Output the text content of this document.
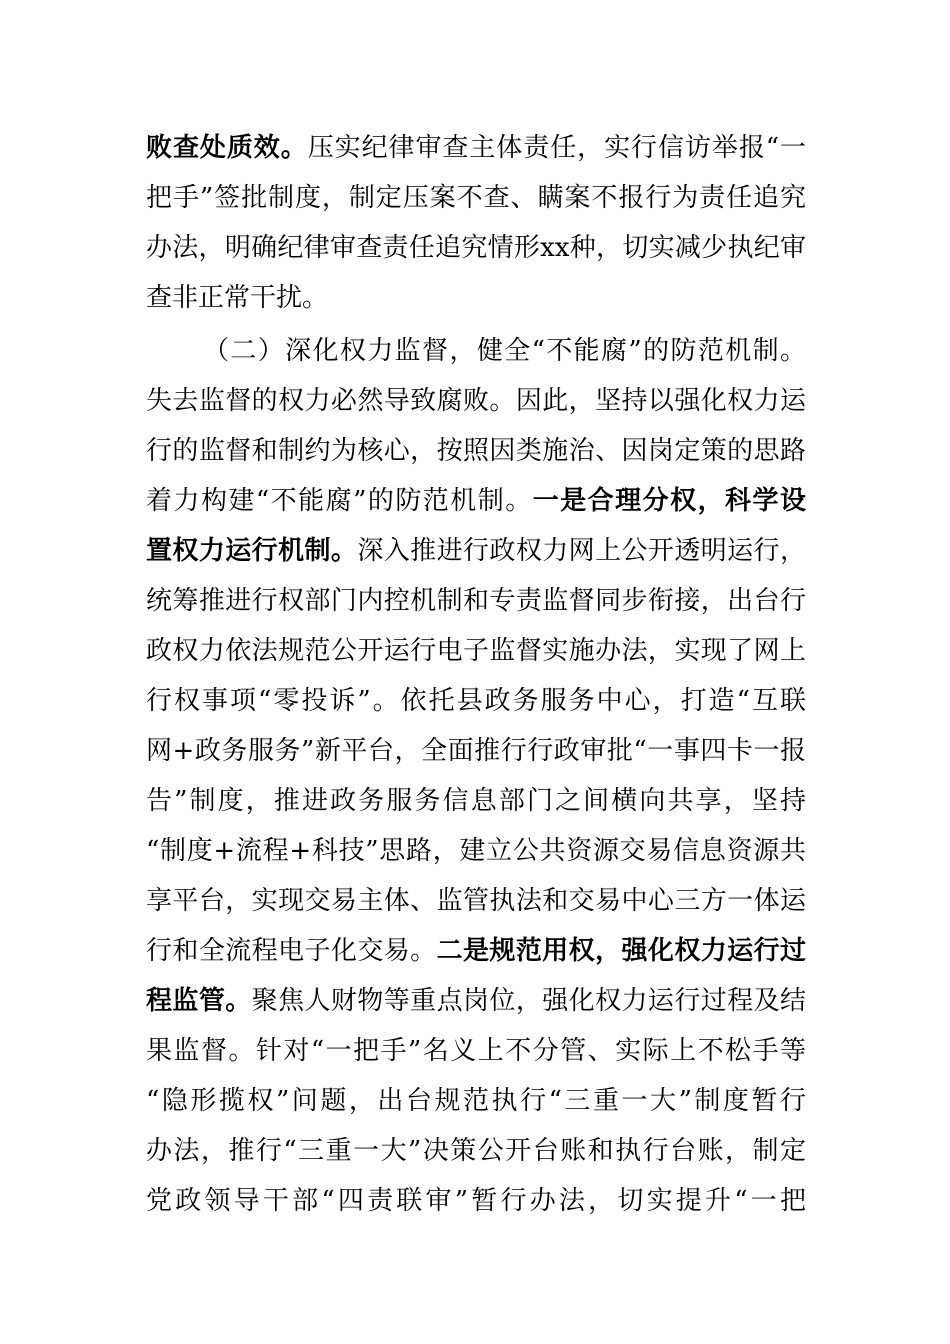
败查处质效。压实纪律审查主体责任，实行信访举报“一
把手”签批制度，制定压案不查、瞒案不报行为责任追究
办法，明确纪律审查责任追究情形xx种，切实减少执纪审
查非正常干扰。
（二）深化权力监督，健全“不能腐”的防范机制。
失去监督的权力必然导致腐败。因此，坚持以强化权力运
行的监督和制约为核心，按照因类施治、因岗定策的思路
着力构建“不能腐”的防范机制。一是合理分权，科学设
置权力运行机制。深入推进行政权力网上公开透明运行，
统筹推进行权部门内控机制和专责监督同步衔接，出台行
政权力依法规范公开运行电子监督实施办法，实现了网上
行权事项“零投诉”。依托县政务服务中心，打造“互联
网+政务服务”新平台，全面推行行政审批“一事四卡一报
告”制度，推进政务服务信息部门之间横向共享，坚持
“制度+流程+科技”思路，建立公共资源交易信息资源共
享平台，实现交易主体、监管执法和交易中心三方一体运
行和全流程电子化交易。二是规范用权，强化权力运行过
程监管。聚焦人财物等重点岗位，强化权力运行过程及结
果监督。针对“一把手”名义上不分管、实际上不松手等
“隐形揽权”问题，出台规范执行“三重一大”制度暂行
办法，推行“三重一大”决策公开台账和执行台账，制定
党政领导干部“四责联审”暂行办法，切实提升“一把
